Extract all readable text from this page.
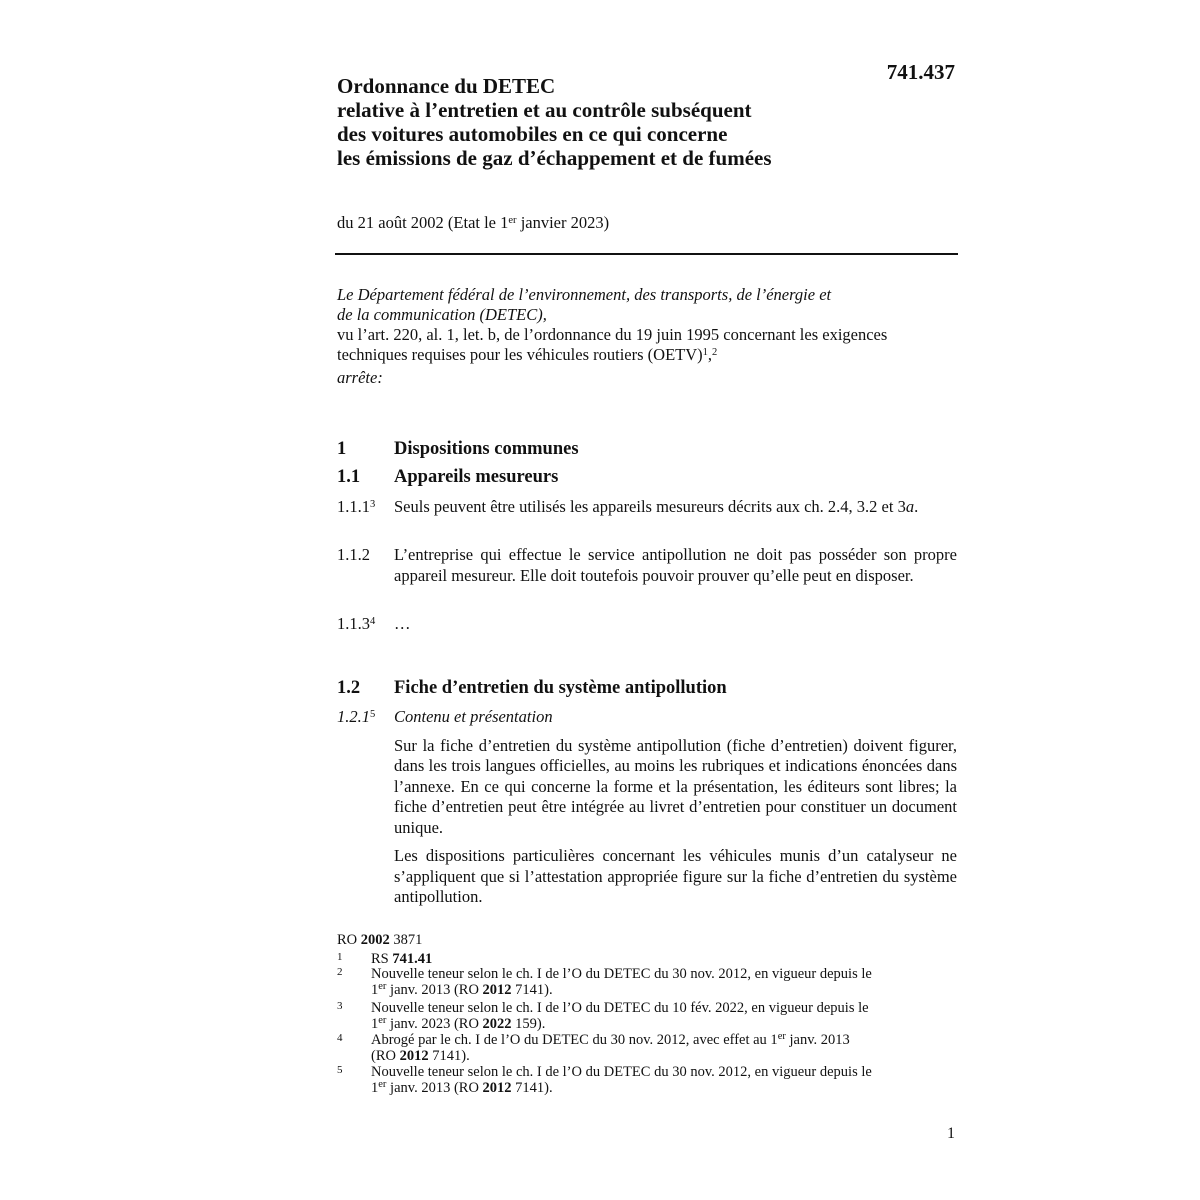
741.437
Ordonnance du DETEC
relative à l’entretien et au contrôle subséquent
des voitures automobiles en ce qui concerne
les émissions de gaz d’échappement et de fumées
du 21 août 2002 (Etat le 1er janvier 2023)
Le Département fédéral de l’environnement, des transports, de l’énergie et
de la communication (DETEC),
vu l’art. 220, al. 1, let. b, de l’ordonnance du 19 juin 1995 concernant les exigences
techniques requises pour les véhicules routiers (OETV)$^1$,$^2$
arrête:
1	Dispositions communes
1.1 Appareils mesureurs
1.1.1$^3$	Seuls peuvent être utilisés les appareils mesureurs décrits aux ch. 2.4, 3.2 et 3a.
1.1.2	L’entreprise qui effectue le service antipollution ne doit pas posséder son propre appareil mesureur. Elle doit toutefois pouvoir prouver qu’elle peut en disposer.
1.1.3$^4$	…
1.2 Fiche d’entretien du système antipollution
1.2.1$^5$	Contenu et présentation
Sur la fiche d’entretien du système antipollution (fiche d’entretien) doivent figurer, dans les trois langues officielles, au moins les rubriques et indications énoncées dans l’annexe. En ce qui concerne la forme et la présentation, les éditeurs sont libres; la fiche d’entretien peut être intégrée au livret d’entretien pour constituer un document unique.
Les dispositions particulières concernant les véhicules munis d’un catalyseur ne s’appliquent que si l’attestation appropriée figure sur la fiche d’entretien du système antipollution.
RO 2002 3871
1 RS 741.41
2 Nouvelle teneur selon le ch. I de l’O du DETEC du 30 nov. 2012, en vigueur depuis le
1er janv. 2013 (RO 2012 7141).
3 Nouvelle teneur selon le ch. I de l’O du DETEC du 10 fév. 2022, en vigueur depuis le
1er janv. 2023 (RO 2022 159).
4 Abrogé par le ch. I de l’O du DETEC du 30 nov. 2012, avec effet au 1er janv. 2013
(RO 2012 7141).
5 Nouvelle teneur selon le ch. I de l’O du DETEC du 30 nov. 2012, en vigueur depuis le
1er janv. 2013 (RO 2012 7141).
1
